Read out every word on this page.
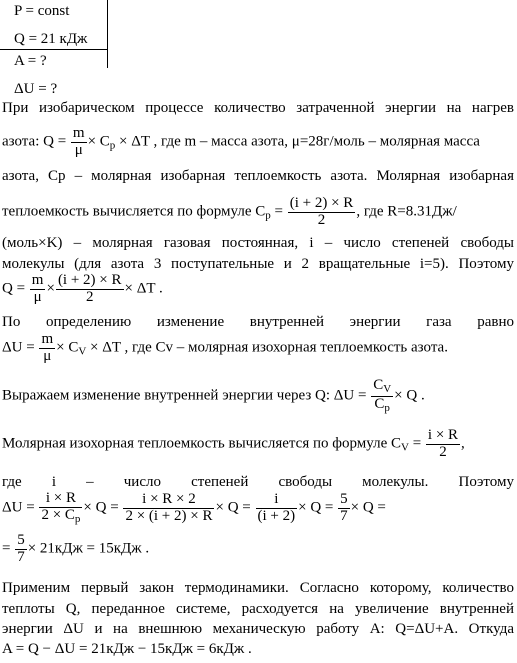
P = const
Q = 21 кДж
A = ?
ΔU = ?
При изобарическом процессе количество затраченной энергии на нагрев
азота: $Q = \frac{m}{\mu} \times C_p \times \Delta T$ , где m – масса азота, μ=28г/моль – молярная масса
азота, Cp – молярная изобарная теплоемкость азота. Молярная изобарная
теплоемкость вычисляется по формуле $C_p = \frac{(i + 2) \times R}{2}$ , где R=8.31Дж/
(моль×K) – молярная газовая постоянная, i – число степеней свободы
молекулы (для азота 3 поступательные и 2 вращательные i=5). Поэтому
$Q = \frac{m}{\mu} \times \frac{(i + 2) \times R}{2} \times \Delta T$ .
По определению изменение внутренней энергии газа равно
$\Delta U = \frac{m}{\mu} \times C_V \times \Delta T$ , где Cv – молярная изохорная теплоемкость азота.
Выражаем изменение внутренней энергии через Q: $\Delta U = \frac{C_V}{C_p} \times Q$ .
Молярная изохорная теплоемкость вычисляется по формуле $C_V = \frac{i \times R}{2}$ ,
где i – число степеней свободы молекулы. Поэтому
$\Delta U = \frac{i \times R}{2 \times C_p} \times Q = \frac{i \times R \times 2}{2 \times (i + 2) \times R} \times Q = \frac{i}{(i + 2)} \times Q = \frac{5}{7} \times Q$ =
= $\frac{5}{7} \times 21кДж = 15кДж$ .
Применим первый закон термодинамики. Согласно которому, количество
теплоты Q, переданное системе, расходуется на увеличение внутренней
энергии ΔU и на внешнюю механическую работу A: Q=ΔU+A. Откуда
A = Q − ΔU = 21кДж − 15кДж = 6кДж .
